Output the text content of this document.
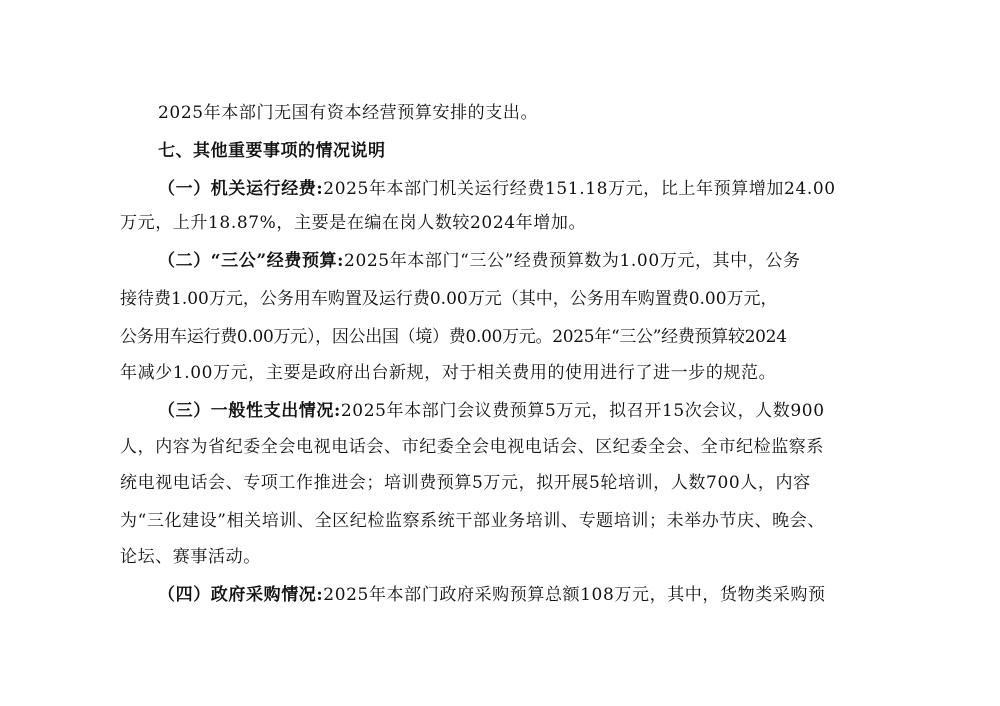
2025年本部门无国有资本经营预算安排的支出。
七、其他重要事项的情况说明
（一）机关运行经费:2025年本部门机关运行经费151.18万元，比上年预算增加24.00
万元，上升18.87%，主要是在编在岗人数较2024年增加。
（二）“三公”经费预算:2025年本部门“三公”经费预算数为1.00万元，其中，公务
接待费1.00万元，公务用车购置及运行费0.00万元（其中，公务用车购置费0.00万元，
公务用车运行费0.00万元），因公出国（境）费0.00万元。2025年“三公”经费预算较2024
年减少1.00万元，主要是政府出台新规，对于相关费用的使用进行了进一步的规范。
（三）一般性支出情况:2025年本部门会议费预算5万元，拟召开15次会议，人数900
人，内容为省纪委全会电视电话会、市纪委全会电视电话会、区纪委全会、全市纪检监察系
统电视电话会、专项工作推进会；培训费预算5万元，拟开展5轮培训，人数700人，内容
为“三化建设”相关培训、全区纪检监察系统干部业务培训、专题培训；未举办节庆、晚会、
论坛、赛事活动。
（四）政府采购情况:2025年本部门政府采购预算总额108万元，其中，货物类采购预
